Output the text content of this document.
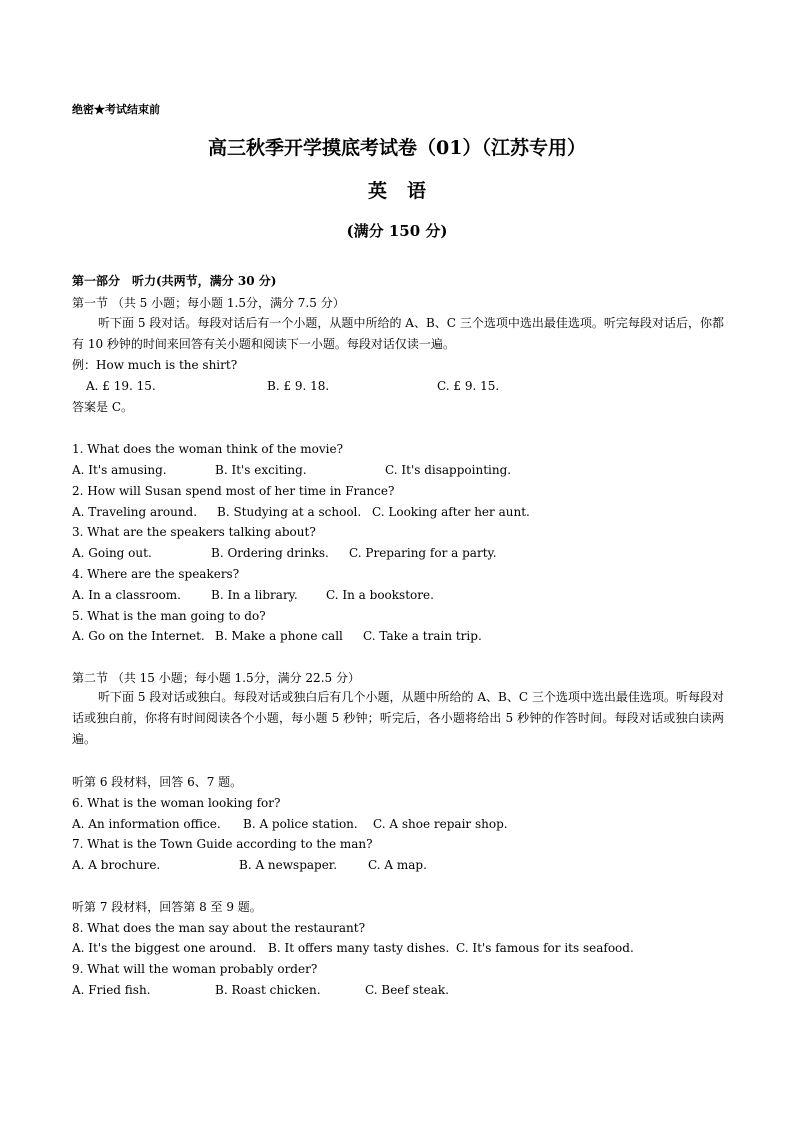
绝密★考试结束前
高三秋季开学摸底考试卷（01）（江苏专用）
英语
(满分 150 分)
第一部分　听力(共两节，满分 30 分)
第一节 （共 5 小题；每小题 1.5分，满分 7.5 分）
听下面 5 段对话。每段对话后有一个小题，从题中所给的 A、B、C 三个选项中选出最佳选项。听完每段对话后，你都有 10 秒钟的时间来回答有关小题和阅读下一小题。每段对话仅读一遍。
例：How much is the shirt?
A. £ 19. 15.	B. £ 9. 18.	C. £ 9. 15.
答案是 C。
1. What does the woman think of the movie?
A. It's amusing.	B. It's exciting.	C. It's disappointing.
2. How will Susan spend most of her time in France?
A. Traveling around. B. Studying at a school. C. Looking after her aunt.
3. What are the speakers talking about?
A. Going out.	B. Ordering drinks. C. Preparing for a party.
4. Where are the speakers?
A. In a classroom.	B. In a library. C. In a bookstore.
5. What is the man going to do?
A. Go on the Internet. B. Make a phone call C. Take a train trip.
第二节 （共 15 小题；每小题 1.5分，满分 22.5 分）
听下面 5 段对话或独白。每段对话或独白后有几个小题，从题中所给的 A、B、C 三个选项中选出最佳选项。听每段对话或独白前，你将有时间阅读各个小题，每小题 5 秒钟；听完后，各小题将给出 5 秒钟的作答时间。每段对话或独白读两遍。
听第 6 段材料，回答 6、7 题。
6. What is the woman looking for?
A. An information office. B. A police station. C. A shoe repair shop.
7. What is the Town Guide according to the man?
A. A brochure.	B. A newspaper.	C. A map.
听第 7 段材料，回答第 8 至 9 题。
8. What does the man say about the restaurant?
A. It's the biggest one around. B. It offers many tasty dishes. C. It's famous for its seafood.
9. What will the woman probably order?
A. Fried fish.	B. Roast chicken.	C. Beef steak.
